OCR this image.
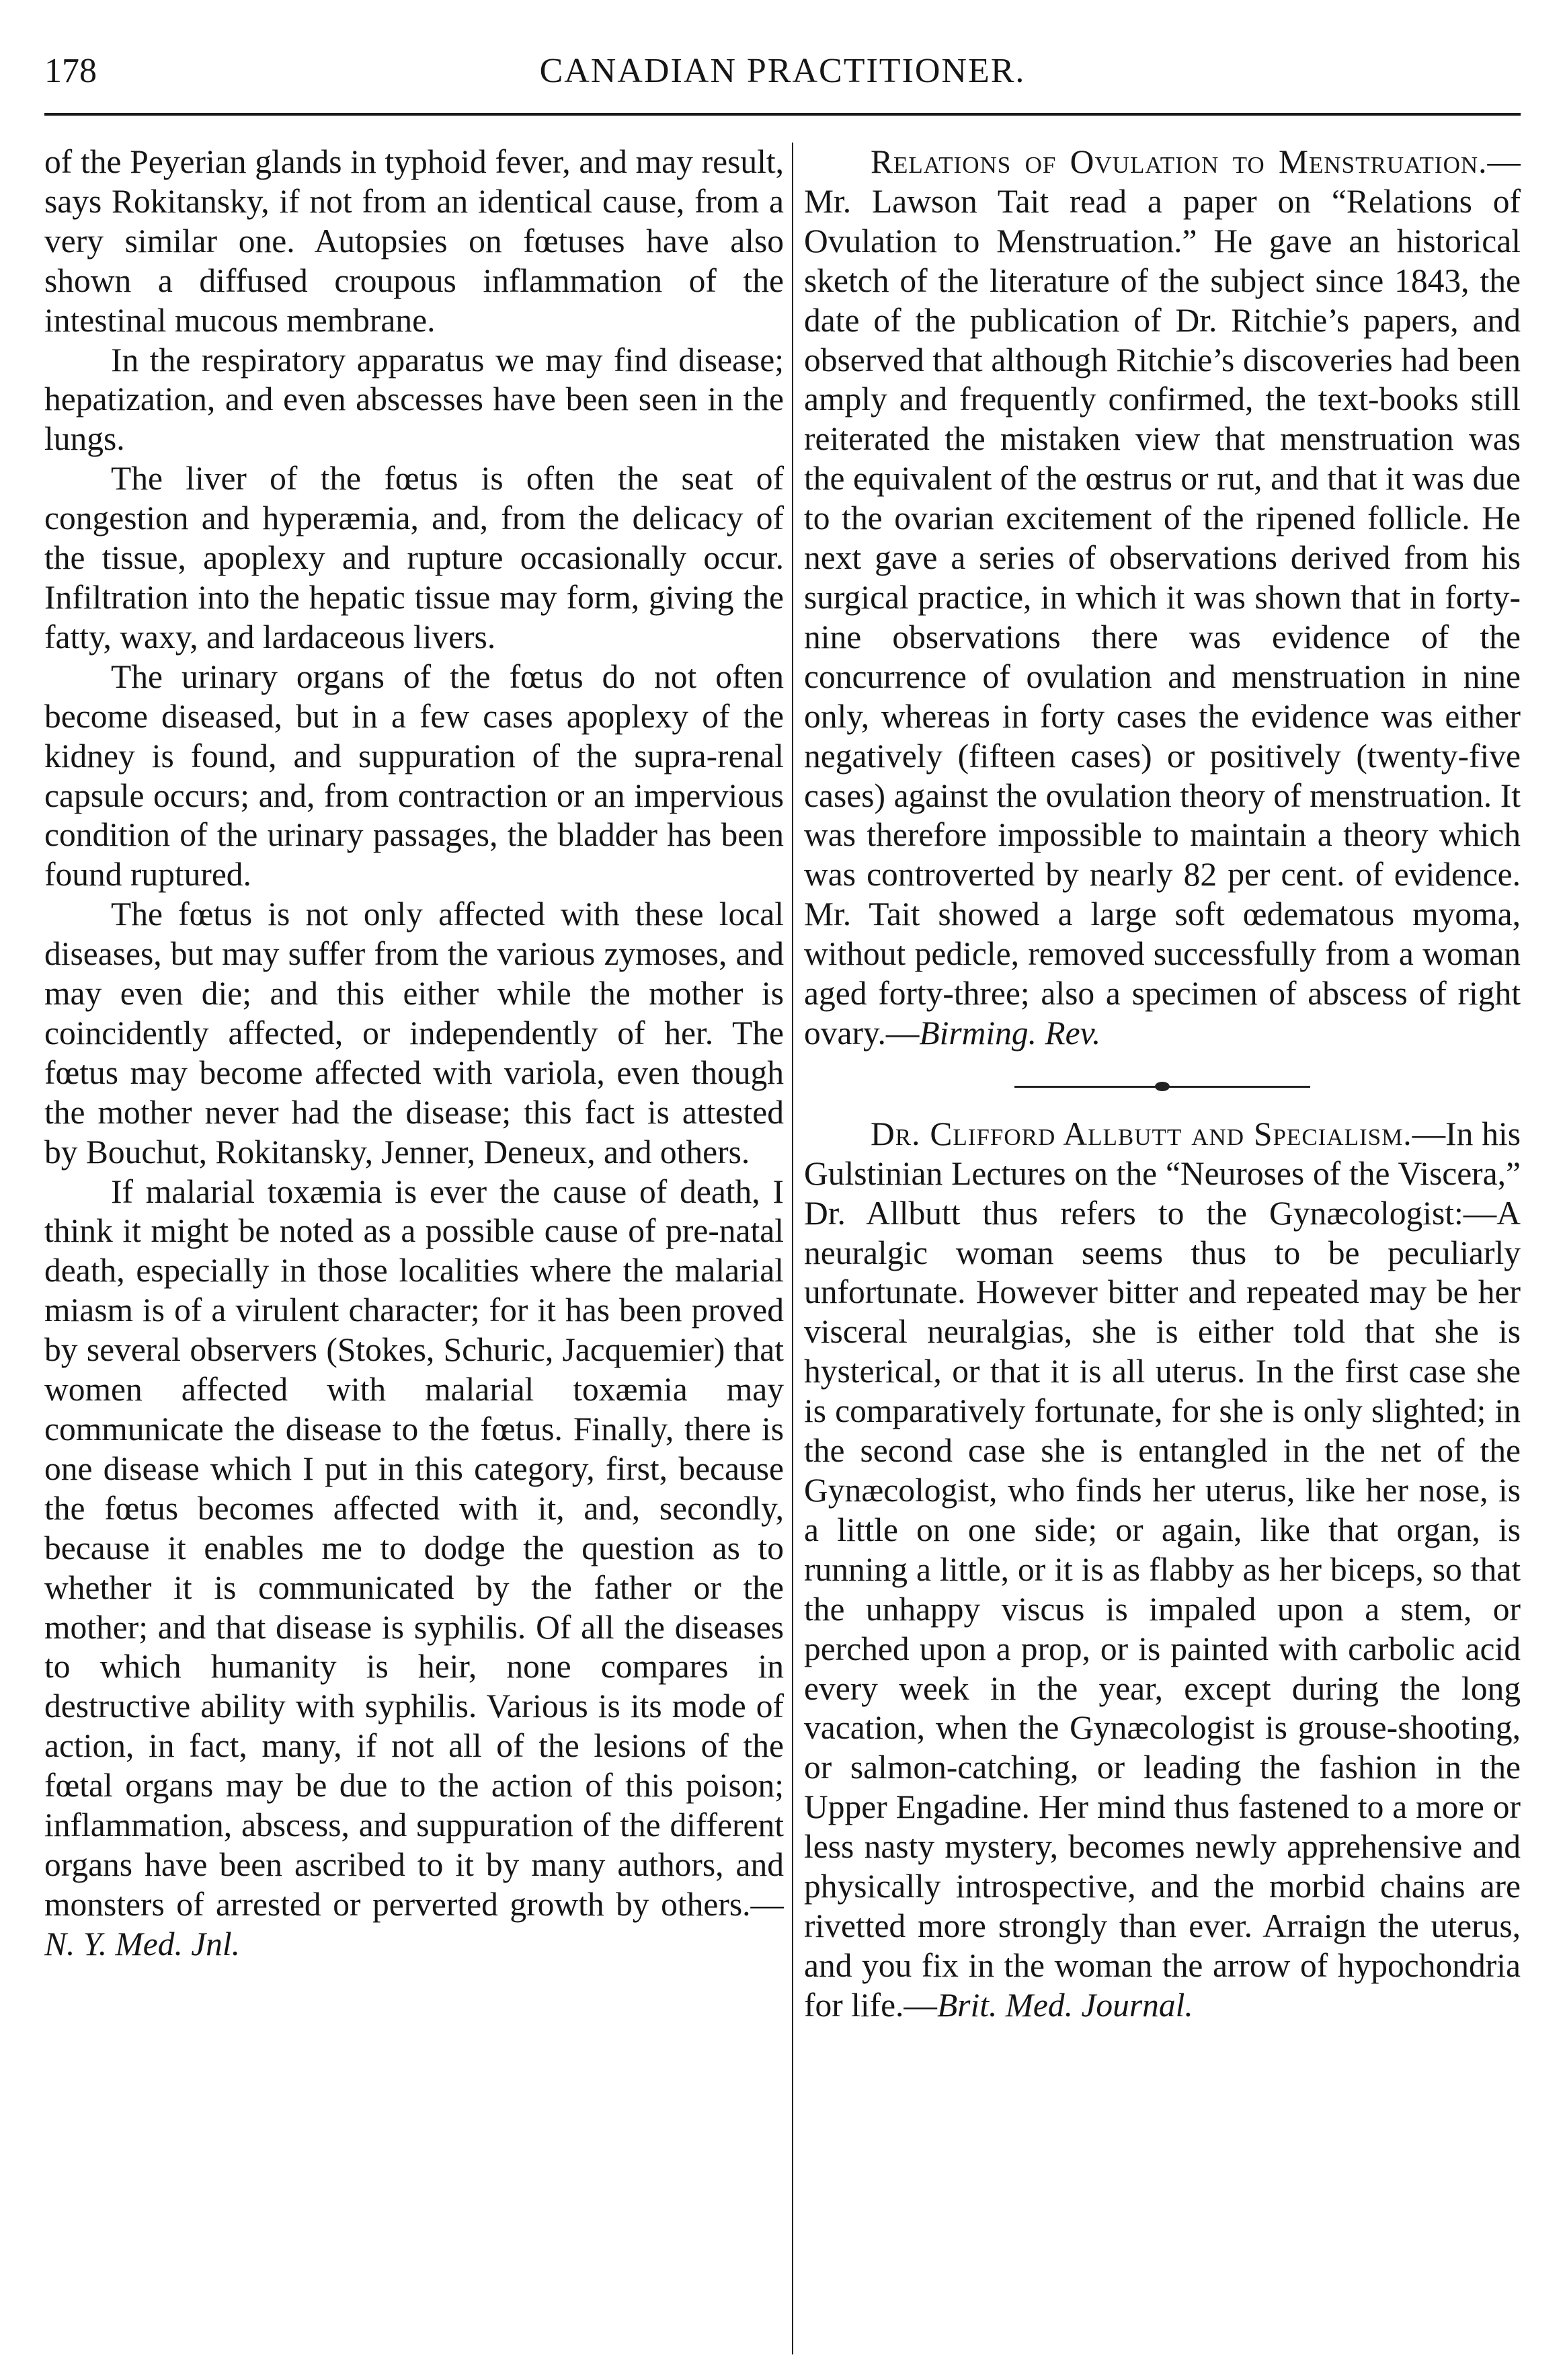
178	CANADIAN PRACTITIONER.

of the Peyerian glands in typhoid fever, and may result, says Rokitansky, if not from an identical cause, from a very similar one. Autopsies on fœtuses have also shown a diffused croupous inflammation of the intestinal mucous membrane.

In the respiratory apparatus we may find disease; hepatization, and even abscesses have been seen in the lungs.

The liver of the fœtus is often the seat of congestion and hyperæmia, and, from the delicacy of the tissue, apoplexy and rupture occasionally occur. Infiltration into the hepatic tissue may form, giving the fatty, waxy, and lardaceous livers.

The urinary organs of the fœtus do not often become diseased, but in a few cases apoplexy of the kidney is found, and suppuration of the supra-renal capsule occurs; and, from contraction or an impervious condition of the urinary passages, the bladder has been found ruptured.

The fœtus is not only affected with these local diseases, but may suffer from the various zymoses, and may even die; and this either while the mother is coincidently affected, or independently of her. The fœtus may become affected with variola, even though the mother never had the disease; this fact is attested by Bouchut, Rokitansky, Jenner, Deneux, and others.

If malarial toxæmia is ever the cause of death, I think it might be noted as a possible cause of pre-natal death, especially in those localities where the malarial miasm is of a virulent character; for it has been proved by several observers (Stokes, Schuric, Jacquemier) that women affected with malarial toxæmia may communicate the disease to the fœtus. Finally, there is one disease which I put in this category, first, because the fœtus becomes affected with it, and, secondly, because it enables me to dodge the question as to whether it is communicated by the father or the mother; and that disease is syphilis. Of all the diseases to which humanity is heir, none compares in destructive ability with syphilis. Various is its mode of action, in fact, many, if not all of the lesions of the fœtal organs may be due to the action of this poison; inflammation, abscess, and suppuration of the different organs have been ascribed to it by many authors, and monsters of arrested or perverted growth by others.—N. Y. Med. Jnl.

Relations of Ovulation to Menstruation.—Mr. Lawson Tait read a paper on “Relations of Ovulation to Menstruation.” He gave an historical sketch of the literature of the subject since 1843, the date of the publication of Dr. Ritchie’s papers, and observed that although Ritchie’s discoveries had been amply and frequently confirmed, the text-books still reiterated the mistaken view that menstruation was the equivalent of the œstrus or rut, and that it was due to the ovarian excitement of the ripened follicle. He next gave a series of observations derived from his surgical practice, in which it was shown that in forty-nine observations there was evidence of the concurrence of ovulation and menstruation in nine only, whereas in forty cases the evidence was either negatively (fifteen cases) or positively (twenty-five cases) against the ovulation theory of menstruation. It was therefore impossible to maintain a theory which was controverted by nearly 82 per cent. of evidence. Mr. Tait showed a large soft œdematous myoma, without pedicle, removed successfully from a woman aged forty-three; also a specimen of abscess of right ovary.—Birming. Rev.

Dr. Clifford Allbutt and Specialism.—In his Gulstinian Lectures on the “Neuroses of the Viscera,” Dr. Allbutt thus refers to the Gynæcologist:—A neuralgic woman seems thus to be peculiarly unfortunate. However bitter and repeated may be her visceral neuralgias, she is either told that she is hysterical, or that it is all uterus. In the first case she is comparatively fortunate, for she is only slighted; in the second case she is entangled in the net of the Gynæcologist, who finds her uterus, like her nose, is a little on one side; or again, like that organ, is running a little, or it is as flabby as her biceps, so that the unhappy viscus is impaled upon a stem, or perched upon a prop, or is painted with carbolic acid every week in the year, except during the long vacation, when the Gynæcologist is grouse-shooting, or salmon-catching, or leading the fashion in the Upper Engadine. Her mind thus fastened to a more or less nasty mystery, becomes newly apprehensive and physically introspective, and the morbid chains are rivetted more strongly than ever. Arraign the uterus, and you fix in the woman the arrow of hypochondria for life.—Brit. Med. Journal.
